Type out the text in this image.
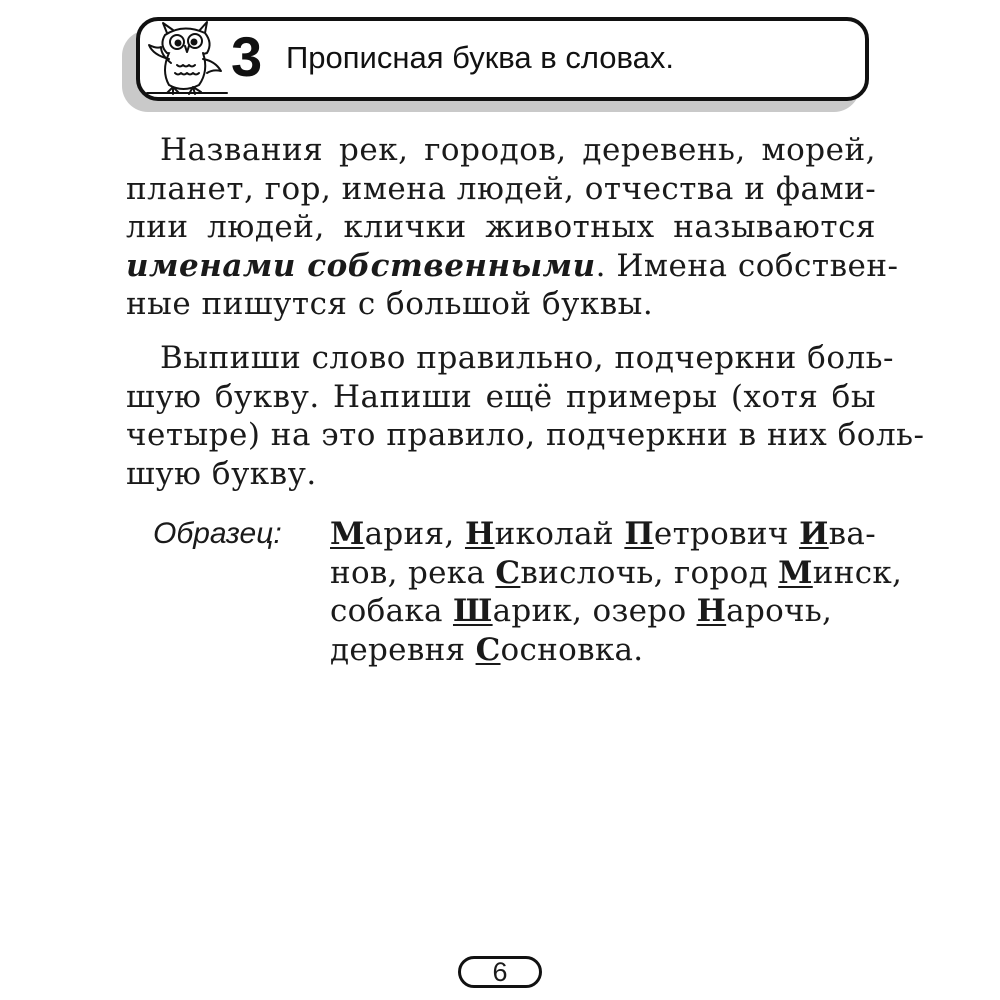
3 Прописная буква в словах.
Названия рек, городов, деревень, морей,
планет, гор, имена людей, отчества и фами-
лии людей, клички животных называются
именами собственными. Имена собствен-
ные пишутся с большой буквы.
Выпиши слово правильно, подчеркни боль-
шую букву. Напиши ещё примеры (хотя бы
четыре) на это правило, подчеркни в них боль-
шую букву.
Образец: Мария, Николай Петрович Ива-
нов, река Свислочь, город Минск,
собака Шарик, озеро Нарочь,
деревня Сосновка.
6
